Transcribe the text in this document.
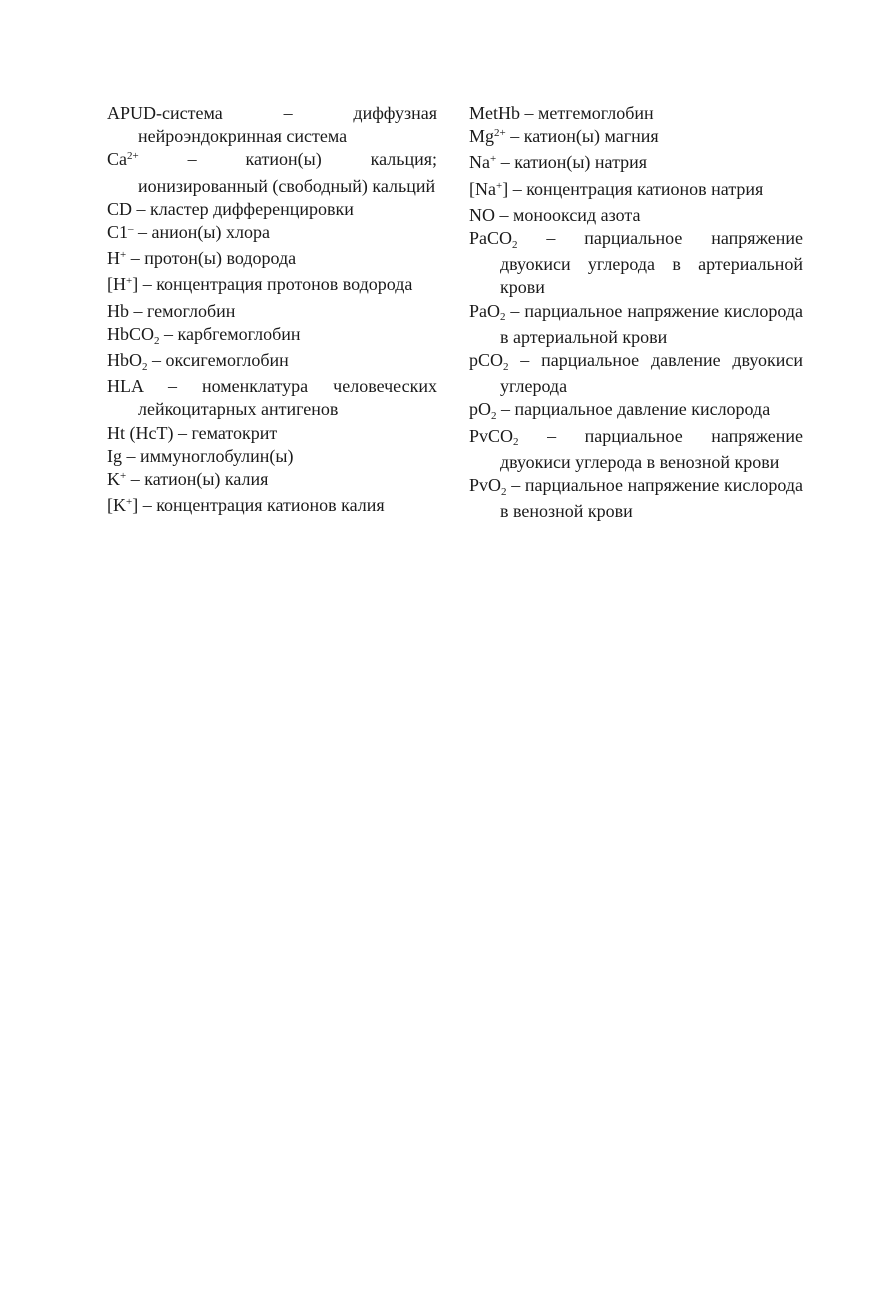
APUD-система – диффузная нейроэндокринная система
$Ca^{2+}$ – катион(ы) кальция; ионизированный (свободный) кальций
CD – кластер дифференцировки
C1– – анион(ы) хлора
H+ – протон(ы) водорода
[H+] – концентрация протонов водорода
Hb – гемоглобин
HbCO$_2$ – карбгемоглобин
HbO$_2$ – оксигемоглобин
HLA – номенклатура человеческих лейкоцитарных антигенов
Ht (HcT) – гематокрит
Ig – иммуноглобулин(ы)
K+ – катион(ы) калия
[K+] – концентрация катионов калия
MetHb – метгемоглобин
$Mg^{2+}$ – катион(ы) магния
Na+ – катион(ы) натрия
[Na+] – концентрация катионов натрия
NO – монооксид азота
PaCO$_2$ – парциальное напряжение двуокиси углерода в артериальной крови
PaO$_2$ – парциальное напряжение кислорода в артериальной крови
pCO$_2$ – парциальное давление двуокиси углерода
$pO_2$ – парциальное давление кислорода
PvCO$_2$ – парциальное напряжение двуокиси углерода в венозной крови
PvO$_2$ – парциальное напряжение кислорода в венозной крови
